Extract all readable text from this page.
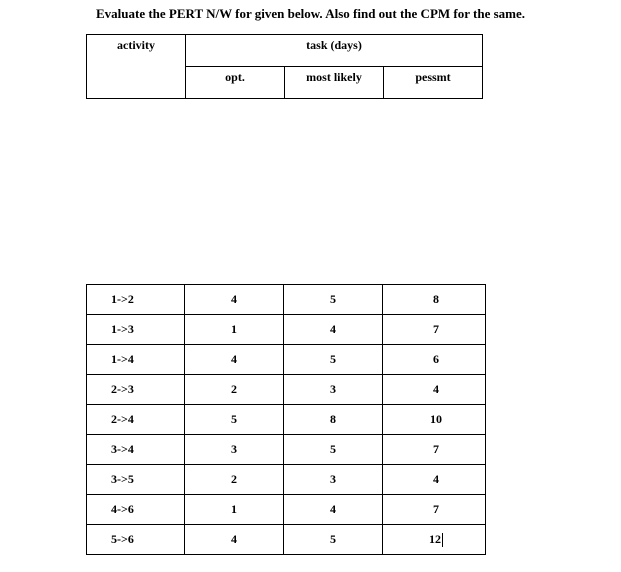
Evaluate the PERT N/W for given below. Also find out the CPM for the same.
activity	task (days)		
	opt.	most likely	pessmt
1->2	4	5	8
1->3	1	4	7
1->4	4	5	6
2->3	2	3	4
2->4	5	8	10
3->4	3	5	7
3->5	2	3	4
4->6	1	4	7
5->6	4	5	12
